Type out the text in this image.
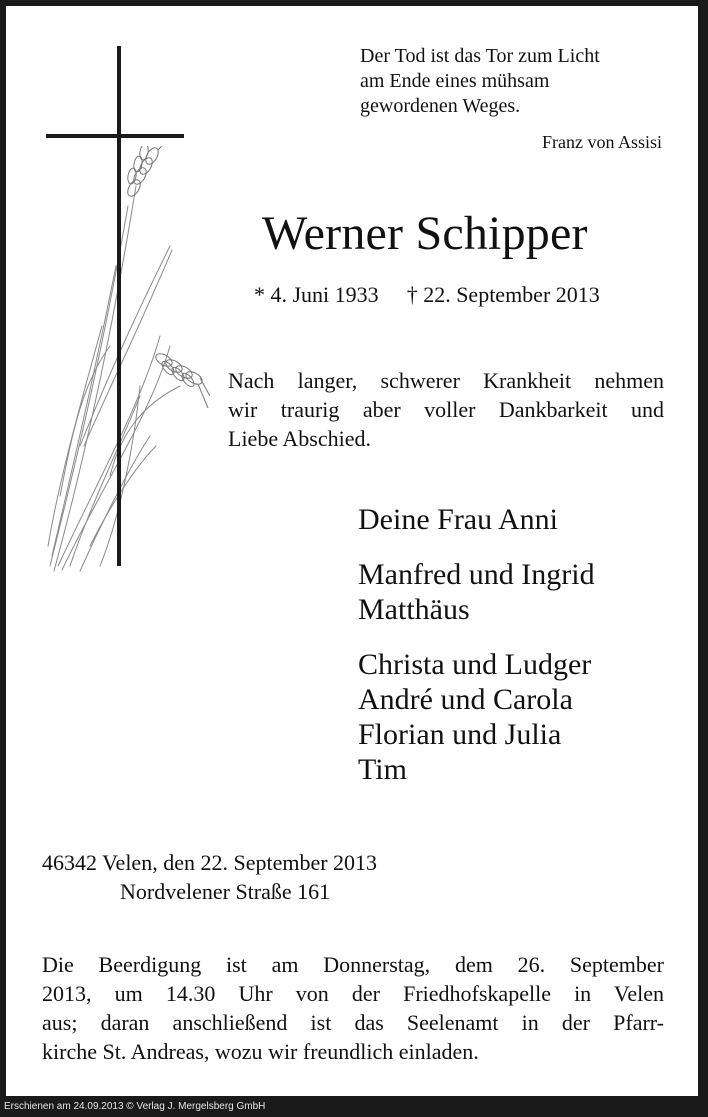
Der Tod ist das Tor zum Licht
am Ende eines mühsam
gewordenen Weges.
Franz von Assisi
Werner Schipper
* 4. Juni 1933 † 22. September 2013
Nach langer, schwerer Krankheit nehmen
wir traurig aber voller Dankbarkeit und
Liebe Abschied.
Deine Frau Anni
Manfred und Ingrid
Matthäus
Christa und Ludger
André und Carola
Florian und Julia
Tim
46342 Velen, den 22. September 2013
Nordvelener Straße 161
Die Beerdigung ist am Donnerstag, dem 26. September
2013, um 14.30 Uhr von der Friedhofskapelle in Velen
aus; daran anschließend ist das Seelenamt in der Pfarr-
kirche St. Andreas, wozu wir freundlich einladen.
Erschienen am 24.09.2013 © Verlag J. Mergelsberg GmbH
